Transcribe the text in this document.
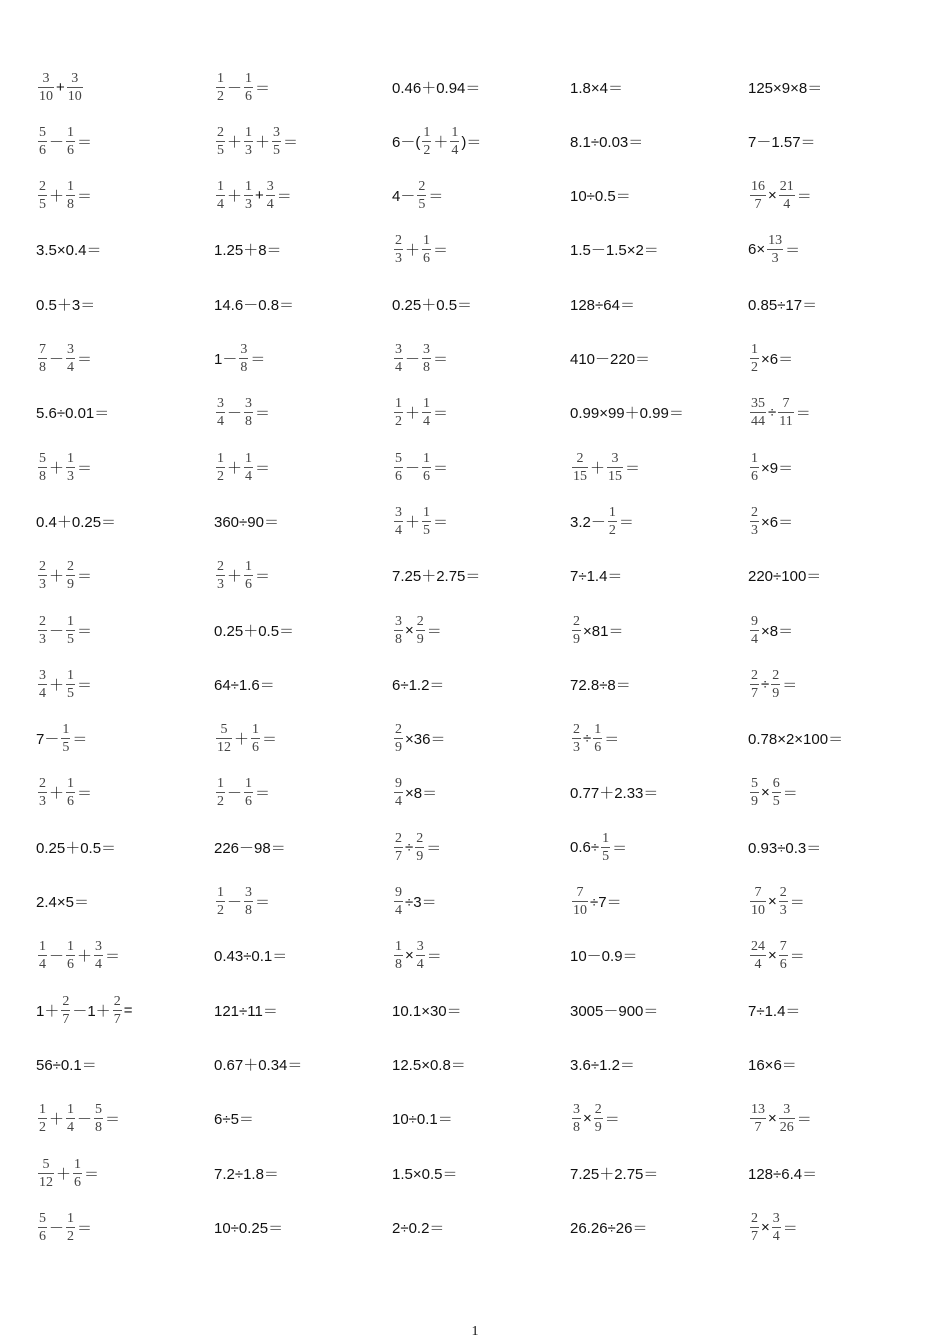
$\frac{3}{10} + \frac{3}{10}$	$\frac{1}{2} - \frac{1}{6}$ ＝	0.46＋0.94＝	1.8×4＝	125×9×8＝
$\frac{5}{6} - \frac{1}{6}$ ＝	$\frac{2}{5} + \frac{1}{3} + \frac{3}{5}$ ＝	$6-( \frac{1}{2} + \frac{1}{4}$ )＝	8.1÷0.03＝	7－1.57＝
$\frac{2}{5} + \frac{1}{8}$ ＝	$\frac{1}{4} + \frac{1}{3} + \frac{3}{4}$ ＝	$4- \frac{2}{5}$ ＝	10÷0.5＝	$\frac{16}{7} \times \frac{21}{4}$ ＝
3.5×0.4＝	1.25＋8＝	$\frac{2}{3} + \frac{1}{6}$ ＝	1.5－1.5×2＝	$6\times \frac{13}{3}$ ＝
0.5＋3＝	14.6－0.8＝	0.25＋0.5＝	128÷64＝	0.85÷17＝
$\frac{7}{8} - \frac{3}{4}$ ＝	$1- \frac{3}{8}$ ＝	$\frac{3}{4} - \frac{3}{8}$ ＝	410－220＝	$\frac{1}{2} \times 6=$
5.6÷0.01＝	$\frac{3}{4} - \frac{3}{8}$ ＝	$\frac{1}{2} + \frac{1}{4}$ ＝	0.99×99＋0.99＝	$\frac{35}{44} \div \frac{7}{11}$ ＝
$\frac{5}{8} + \frac{1}{3}$ ＝	$\frac{1}{2} + \frac{1}{4}$ ＝	$\frac{5}{6} - \frac{1}{6}$ ＝	$\frac{2}{15} + \frac{3}{15}$ ＝	$\frac{1}{6} \times 9=$
0.4＋0.25＝	360÷90＝	$\frac{3}{4} + \frac{1}{5}$ ＝	$3.2- \frac{1}{2}$ ＝	$\frac{2}{3} \times 6=$
$\frac{2}{3} + \frac{2}{9}$ ＝	$\frac{2}{3} + \frac{1}{6}$ ＝	7.25＋2.75＝	7÷1.4＝	220÷100＝
$\frac{2}{3} - \frac{1}{5}$ ＝	0.25＋0.5＝	$\frac{3}{8} \times \frac{2}{9}$ ＝	$\frac{2}{9} \times 81=$	$\frac{9}{4} \times 8=$
$\frac{3}{4} + \frac{1}{5}$ ＝	64÷1.6＝	6÷1.2＝	72.8÷8＝	$\frac{2}{7} \div \frac{2}{9}$ ＝
$7- \frac{1}{5}$ ＝	$\frac{5}{12} + \frac{1}{6}$ ＝	$\frac{2}{9} \times 36=$	$\frac{2}{3} \div \frac{1}{6}$ ＝	0.78×2×100＝
$\frac{2}{3} + \frac{1}{6}$ ＝	$\frac{1}{2} - \frac{1}{6}$ ＝	$\frac{9}{4} \times 8=$	0.77＋2.33＝	$\frac{5}{9} \times \frac{6}{5}$ ＝
0.25＋0.5＝	226－98＝	$\frac{2}{7} \div \frac{2}{9}$ ＝	$0.6\div \frac{1}{5}$ ＝	0.93÷0.3＝
2.4×5＝	$\frac{1}{2} - \frac{3}{8}$ ＝	$\frac{9}{4} \div 3=$	$\frac{7}{10} \div 7=$	$\frac{7}{10} \times \frac{2}{3}$ ＝
$\frac{1}{4} - \frac{1}{6} + \frac{3}{4}$ ＝	0.43÷0.1＝	$\frac{1}{8} \times \frac{3}{4}$ ＝	10－0.9＝	$\frac{24}{4} \times \frac{7}{6}$ ＝
$1+ \frac{2}{7} -1+ \frac{2}{7}$ =	121÷11＝	10.1×30＝	3005－900＝	7÷1.4＝
56÷0.1＝	0.67＋0.34＝	12.5×0.8＝	3.6÷1.2＝	16×6＝
$\frac{1}{2} + \frac{1}{4} - \frac{5}{8}$ ＝	6÷5＝	10÷0.1＝	$\frac{3}{8} \times \frac{2}{9}$ ＝	$\frac{13}{7} \times \frac{3}{26}$ ＝
$\frac{5}{12} + \frac{1}{6}$ ＝	7.2÷1.8＝	1.5×0.5＝	7.25＋2.75＝	128÷6.4＝
$\frac{5}{6} - \frac{1}{2}$ ＝	10÷0.25＝	2÷0.2＝	26.26÷26＝	$\frac{2}{7} \times \frac{3}{4}$ ＝
1
